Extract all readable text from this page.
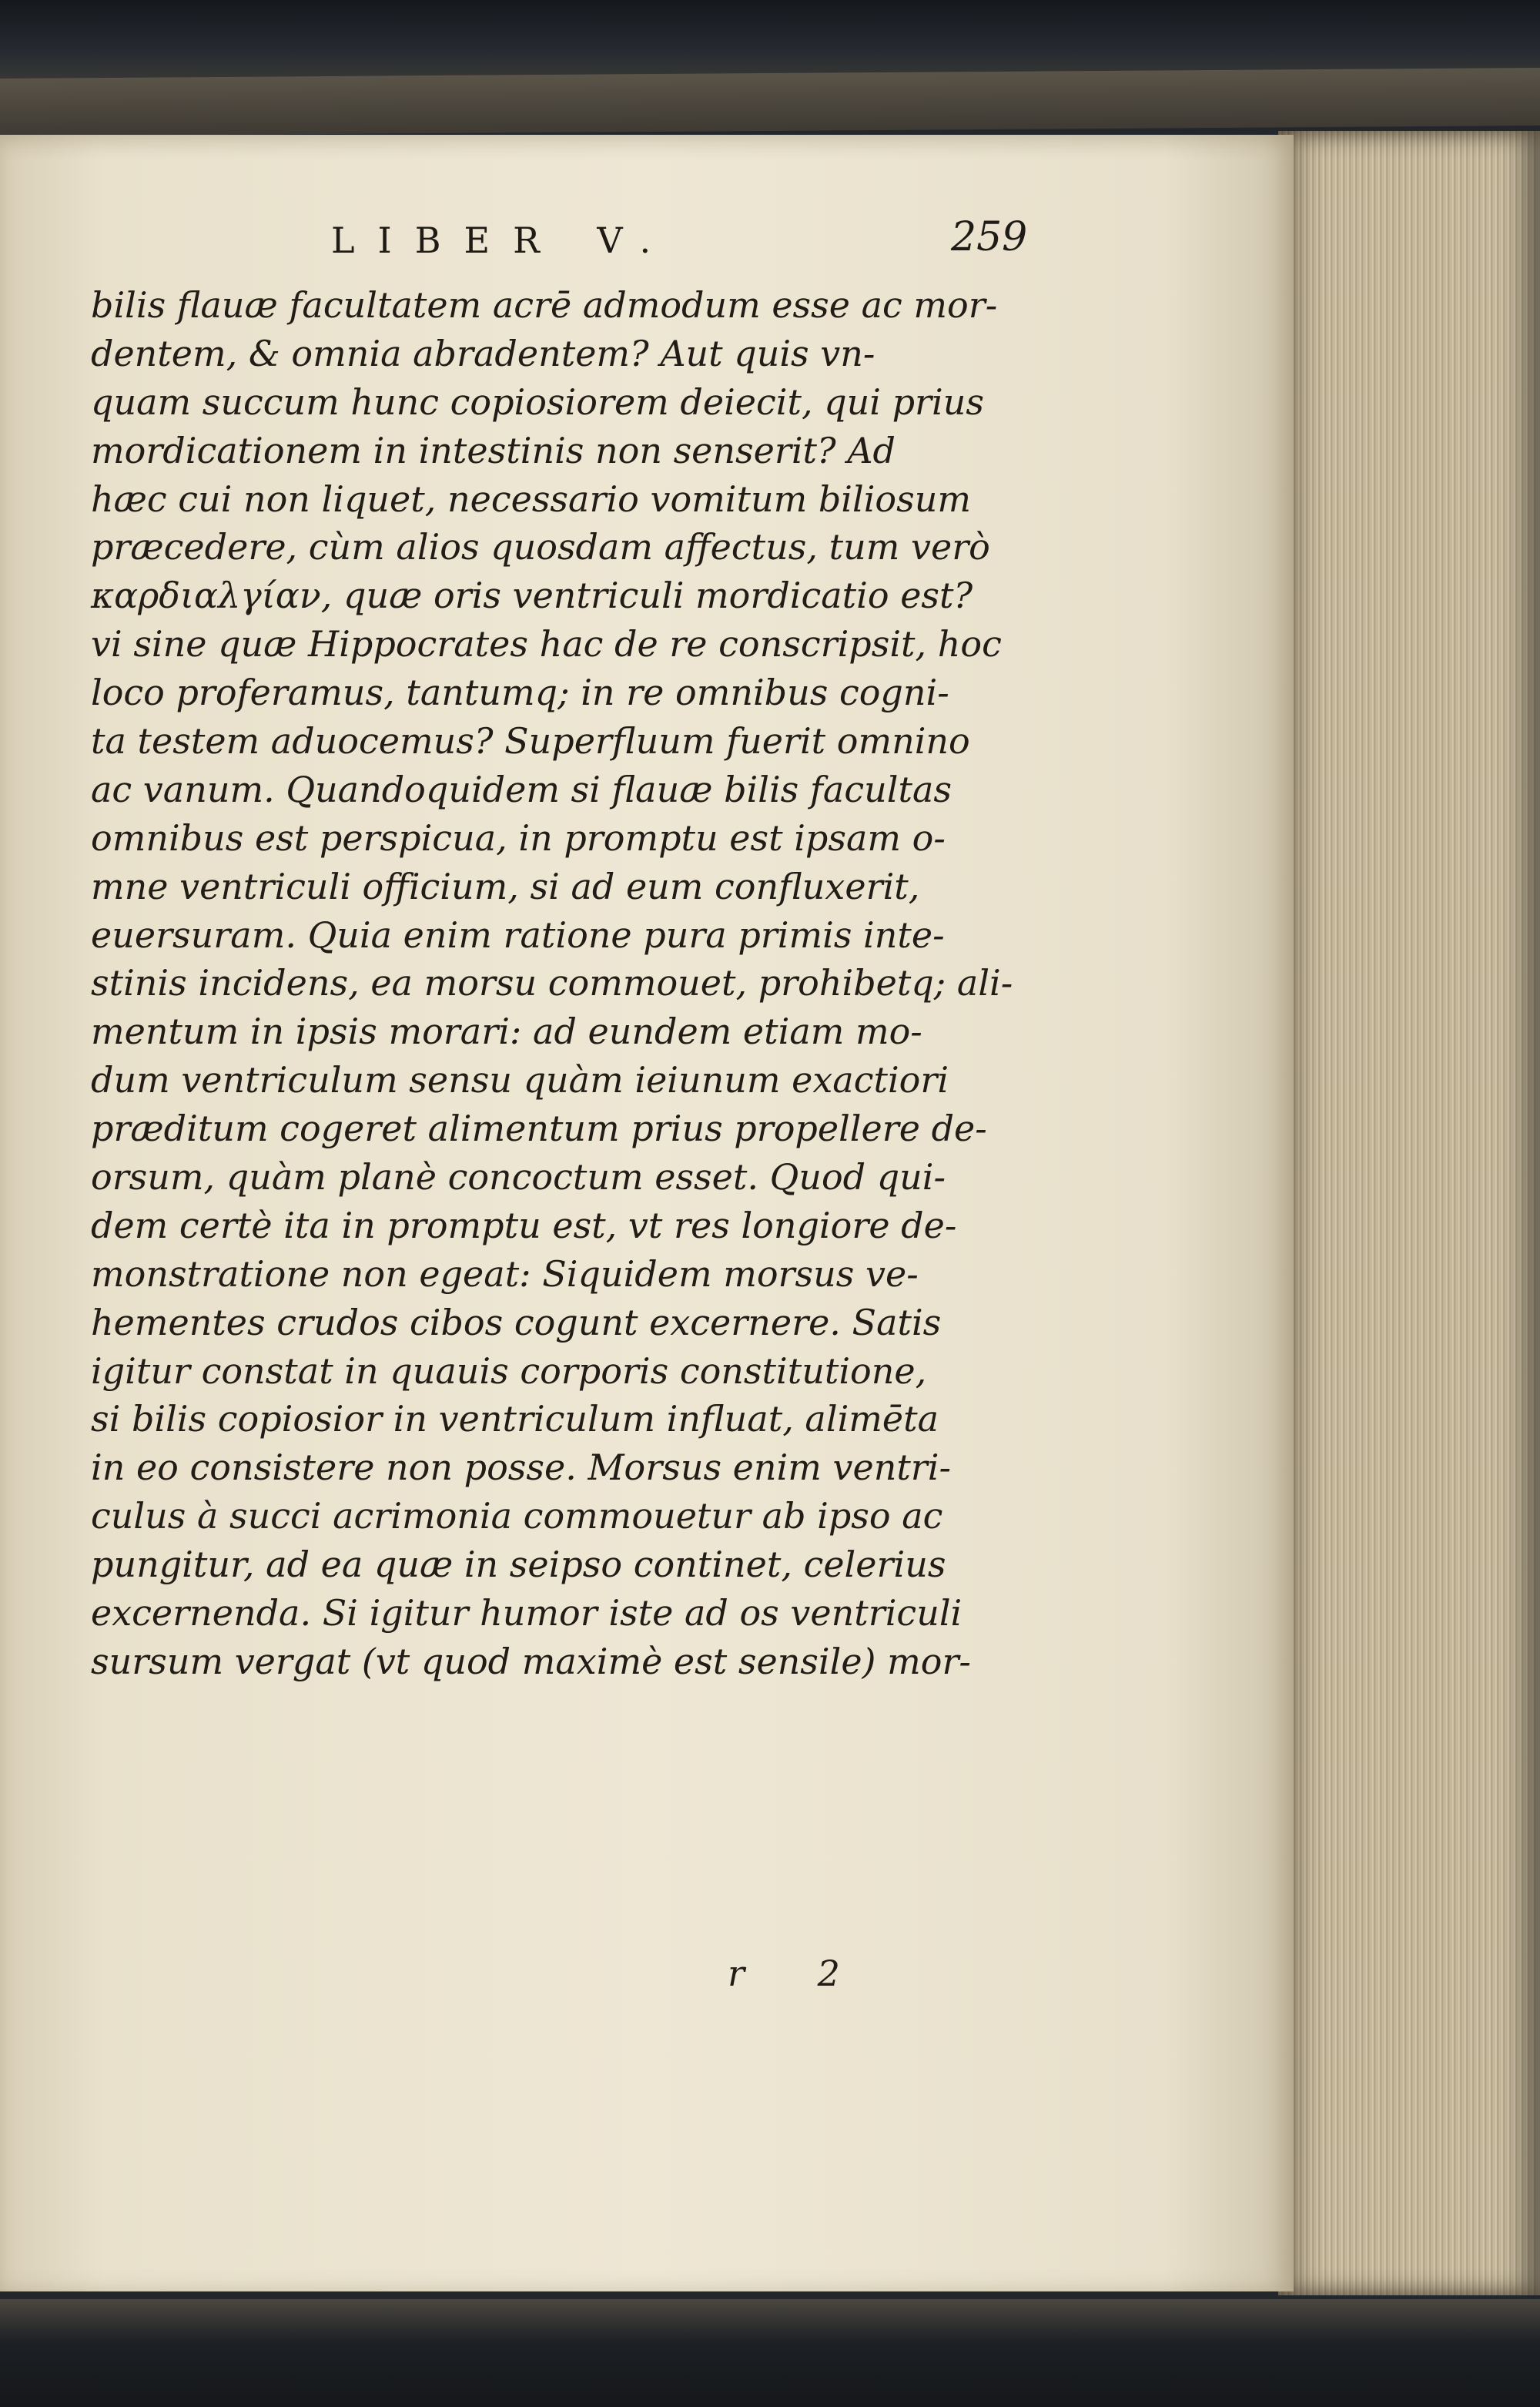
LIBER V.	259
bilis flauæ facultatem acrē admodum esse ac mor-
dentem, & omnia abradentem? Aut quis vn-
quam succum hunc copiosiorem deiecit, qui prius
mordicationem in intestinis non senserit? Ad
hæc cui non liquet, necessario vomitum biliosum
præcedere, cùm alios quosdam affectus, tum verò
καρδιαλγίαν, quæ oris ventriculi mordicatio est?
vi sine quæ Hippocrates hac de re conscripsit, hoc
loco proferamus, tantumq; in re omnibus cogni-
ta testem aduocemus? Superfluum fuerit omnino
ac vanum. Quandoquidem si flauæ bilis facultas
omnibus est perspicua, in promptu est ipsam o-
mne ventriculi officium, si ad eum confluxerit,
euersuram. Quia enim ratione pura primis inte-
stinis incidens, ea morsu commouet, prohibetq; ali-
mentum in ipsis morari: ad eundem etiam mo-
dum ventriculum sensu quàm ieiunum exactiori
præditum cogeret alimentum prius propellere de-
orsum, quàm planè concoctum esset. Quod qui-
dem certè ita in promptu est, vt res longiore de-
monstratione non egeat: Siquidem morsus ve-
hementes crudos cibos cogunt excernere. Satis
igitur constat in quauis corporis constitutione,
si bilis copiosior in ventriculum influat, alimēta
in eo consistere non posse. Morsus enim ventri-
culus à succi acrimonia commouetur ab ipso ac
pungitur, ad ea quæ in seipso continet, celerius
excernenda. Si igitur humor iste ad os ventriculi
sursum vergat (vt quod maximè est sensile) mor-
r 2
